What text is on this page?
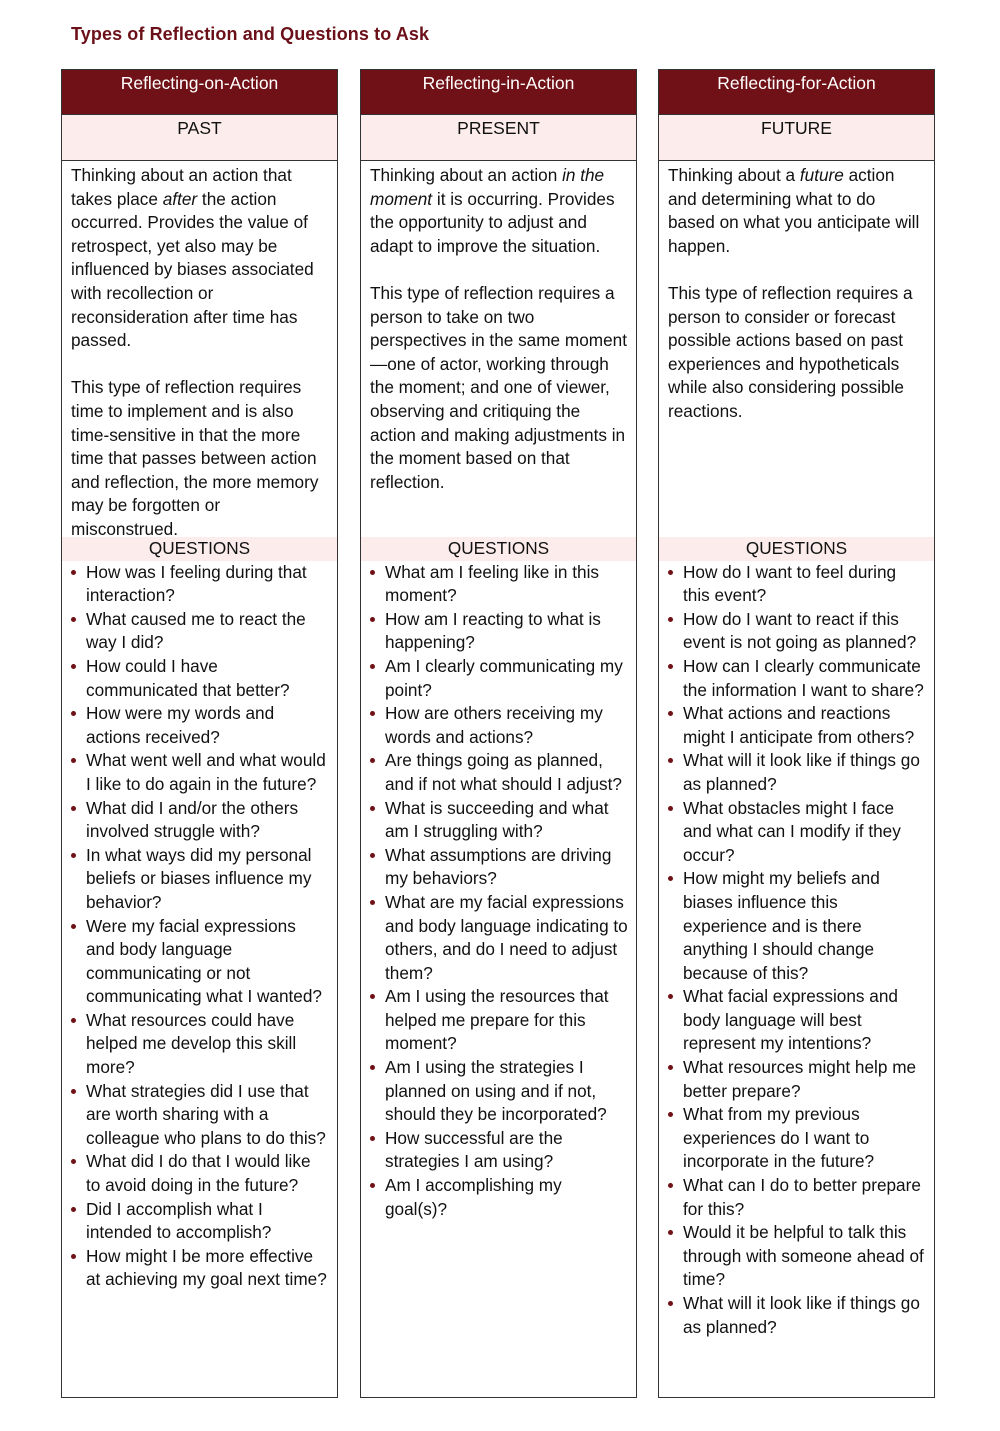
Types of Reflection and Questions to Ask
Reflecting-on-Action
PAST

Thinking about an action that takes place after the action occurred. Provides the value of retrospect, yet also may be influenced by biases associated with recollection or reconsideration after time has passed.

This type of reflection requires time to implement and is also time-sensitive in that the more time that passes between action and reflection, the more memory may be forgotten or misconstrued.

QUESTIONS
How was I feeling during that interaction?
What caused me to react the way I did?
How could I have communicated that better?
How were my words and actions received?
What went well and what would I like to do again in the future?
What did I and/or the others involved struggle with?
In what ways did my personal beliefs or biases influence my behavior?
Were my facial expressions and body language communicating or not communicating what I wanted?
What resources could have helped me develop this skill more?
What strategies did I use that are worth sharing with a colleague who plans to do this?
What did I do that I would like to avoid doing in the future?
Did I accomplish what I intended to accomplish?
How might I be more effective at achieving my goal next time?
Reflecting-in-Action
PRESENT

Thinking about an action in the moment it is occurring. Provides the opportunity to adjust and adapt to improve the situation.

This type of reflection requires a person to take on two perspectives in the same moment—one of actor, working through the moment; and one of viewer, observing and critiquing the action and making adjustments in the moment based on that reflection.

QUESTIONS
What am I feeling like in this moment?
How am I reacting to what is happening?
Am I clearly communicating my point?
How are others receiving my words and actions?
Are things going as planned, and if not what should I adjust?
What is succeeding and what am I struggling with?
What assumptions are driving my behaviors?
What are my facial expressions and body language indicating to others, and do I need to adjust them?
Am I using the resources that helped me prepare for this moment?
Am I using the strategies I planned on using and if not, should they be incorporated?
How successful are the strategies I am using?
Am I accomplishing my goal(s)?
Reflecting-for-Action
FUTURE

Thinking about a future action and determining what to do based on what you anticipate will happen.

This type of reflection requires a person to consider or forecast possible actions based on past experiences and hypotheticals while also considering possible reactions.

QUESTIONS
How do I want to feel during this event?
How do I want to react if this event is not going as planned?
How can I clearly communicate the information I want to share?
What actions and reactions might I anticipate from others?
What will it look like if things go as planned?
What obstacles might I face and what can I modify if they occur?
How might my beliefs and biases influence this experience and is there anything I should change because of this?
What facial expressions and body language will best represent my intentions?
What resources might help me better prepare?
What from my previous experiences do I want to incorporate in the future?
What can I do to better prepare for this?
Would it be helpful to talk this through with someone ahead of time?
What will it look like if things go as planned?
